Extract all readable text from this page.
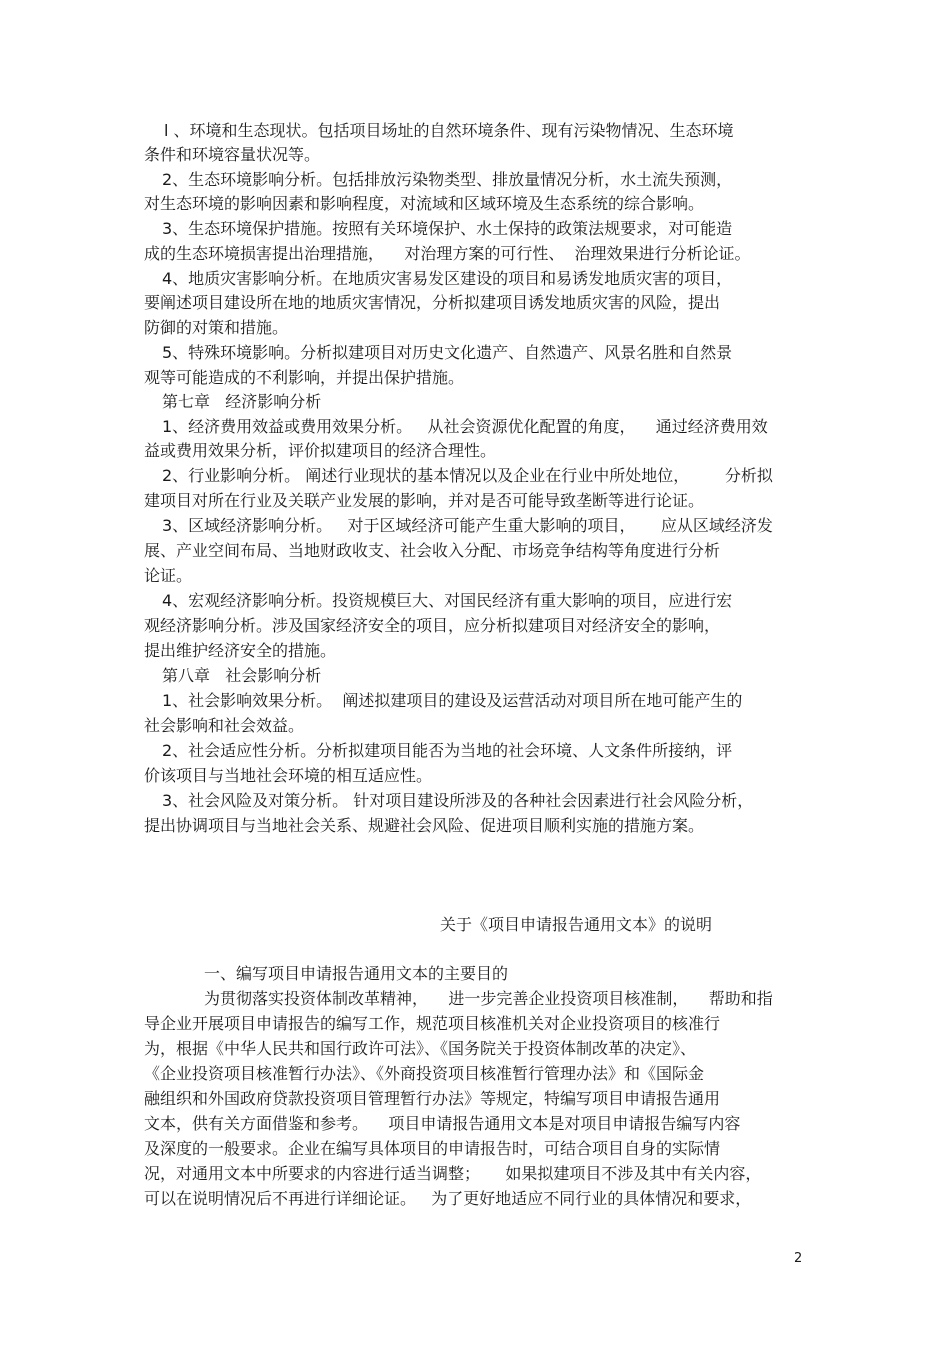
l 、环境和生态现状。包括项目场址的自然环境条件、现有污染物情况、生态环境
条件和环境容量状况等。
2、生态环境影响分析。包括排放污染物类型、排放量情况分析，水土流失预测，
对生态环境的影响因素和影响程度，对流域和区域环境及生态系统的综合影响。
3、生态环境保护措施。按照有关环境保护、水土保持的政策法规要求，对可能造
成的生态环境损害提出治理措施，    对治理方案的可行性、  治理效果进行分析论证。
4、地质灾害影响分析。在地质灾害易发区建设的项目和易诱发地质灾害的项目，
要阐述项目建设所在地的地质灾害情况，分析拟建项目诱发地质灾害的风险，提出
防御的对策和措施。
5、特殊环境影响。分析拟建项目对历史文化遗产、自然遗产、风景名胜和自然景
观等可能造成的不利影响，并提出保护措施。
第七章   经济影响分析
1、经济费用效益或费用效果分析。   从社会资源优化配置的角度，    通过经济费用效
益或费用效果分析，评价拟建项目的经济合理性。
2、行业影响分析。 阐述行业现状的基本情况以及企业在行业中所处地位，       分析拟
建项目对所在行业及关联产业发展的影响，并对是否可能导致垄断等进行论证。
3、区域经济影响分析。   对于区域经济可能产生重大影响的项目，     应从区域经济发
展、产业空间布局、当地财政收支、社会收入分配、市场竞争结构等角度进行分析
论证。
4、宏观经济影响分析。投资规模巨大、对国民经济有重大影响的项目，应进行宏
观经济影响分析。涉及国家经济安全的项目，应分析拟建项目对经济安全的影响，
提出维护经济安全的措施。
第八章   社会影响分析
1、社会影响效果分析。  阐述拟建项目的建设及运营活动对项目所在地可能产生的
社会影响和社会效益。
2、社会适应性分析。分析拟建项目能否为当地的社会环境、人文条件所接纳，评
价该项目与当地社会环境的相互适应性。
3、社会风险及对策分析。 针对项目建设所涉及的各种社会因素进行社会风险分析，
提出协调项目与当地社会关系、规避社会风险、促进项目顺利实施的措施方案。
关于《项目申请报告通用文本》的说明
一、编写项目申请报告通用文本的主要目的
为贯彻落实投资体制改革精神，    进一步完善企业投资项目核准制，    帮助和指
导企业开展项目申请报告的编写工作，规范项目核准机关对企业投资项目的核准行
为，根据《中华人民共和国行政许可法》、《国务院关于投资体制改革的决定》、
《企业投资项目核准暂行办法》、《外商投资项目核准暂行管理办法》和《国际金
融组织和外国政府贷款投资项目管理暂行办法》等规定，特编写项目申请报告通用
文本，供有关方面借鉴和参考。    项目申请报告通用文本是对项目申请报告编写内容
及深度的一般要求。企业在编写具体项目的申请报告时，可结合项目自身的实际情
况，对通用文本中所要求的内容进行适当调整；     如果拟建项目不涉及其中有关内容，
可以在说明情况后不再进行详细论证。   为了更好地适应不同行业的具体情况和要求，
2
